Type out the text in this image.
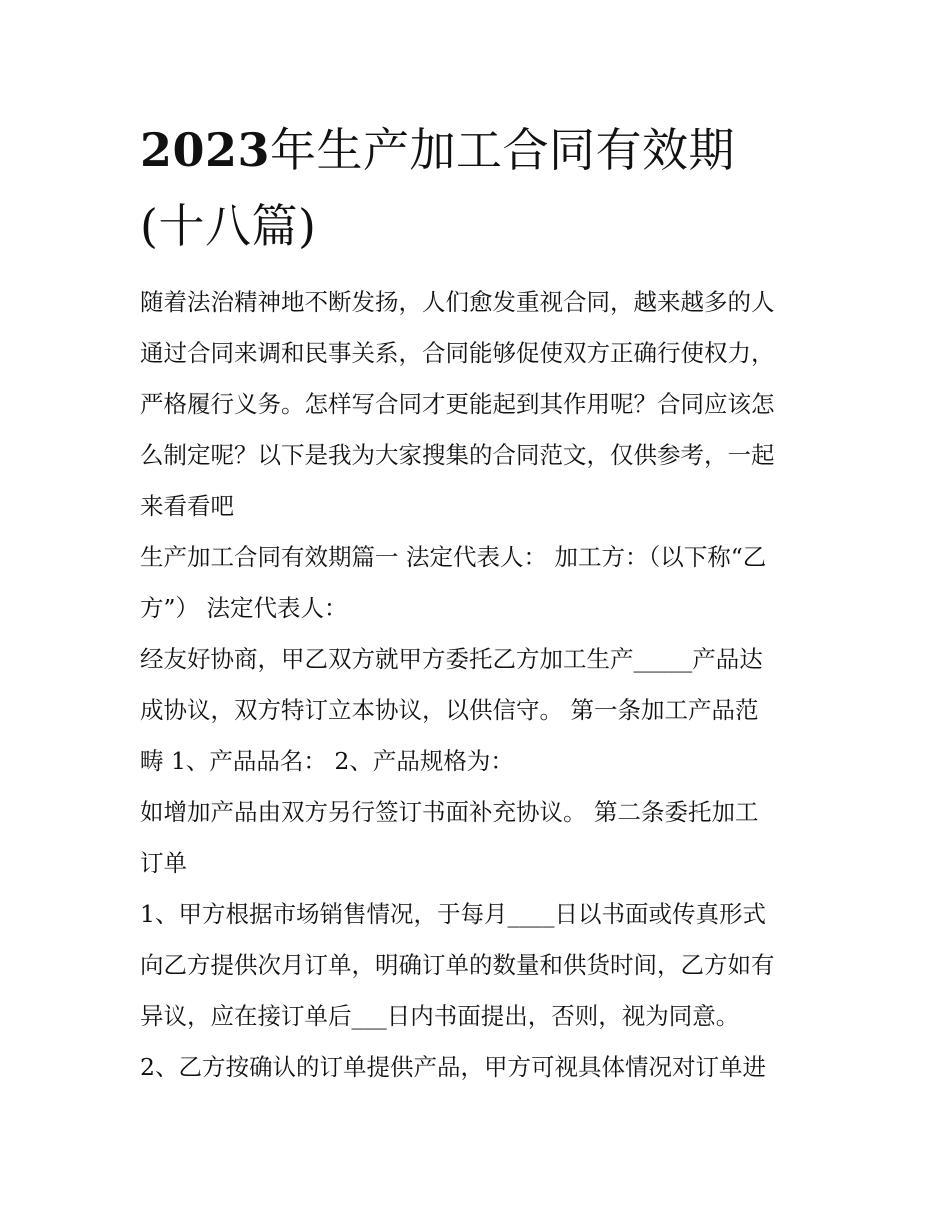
2023年生产加工合同有效期
(十八篇)
随着法治精神地不断发扬，人们愈发重视合同，越来越多的人
通过合同来调和民事关系，合同能够促使双方正确行使权力，
严格履行义务。怎样写合同才更能起到其作用呢？合同应该怎
么制定呢？以下是我为大家搜集的合同范文，仅供参考，一起
来看看吧
生产加工合同有效期篇一 法定代表人： 加工方：（以下称“乙
方”） 法定代表人：
经友好协商，甲乙双方就甲方委托乙方加工生产_____产品达
成协议，双方特订立本协议，以供信守。 第一条加工产品范
畴 1、产品品名： 2、产品规格为：
如增加产品由双方另行签订书面补充协议。 第二条委托加工
订单
1、甲方根据市场销售情况，于每月____日以书面或传真形式
向乙方提供次月订单，明确订单的数量和供货时间，乙方如有
异议，应在接订单后___日内书面提出，否则，视为同意。
2、乙方按确认的订单提供产品，甲方可视具体情况对订单进
